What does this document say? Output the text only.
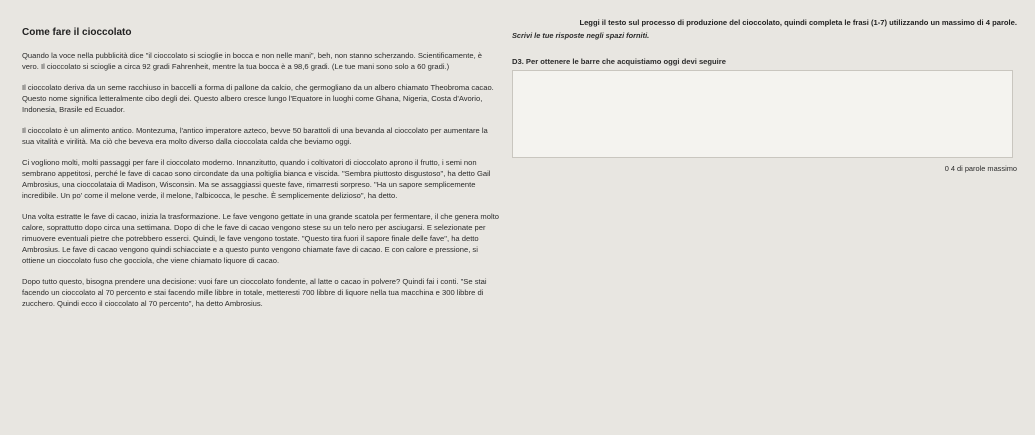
Come fare il cioccolato

Quando la voce nella pubblicità dice "il cioccolato si scioglie in bocca e non nelle mani", beh, non stanno scherzando. Scientificamente, è vero. Il cioccolato si scioglie a circa 92 gradi Fahrenheit, mentre la tua bocca è a 98,6 gradi. (Le tue mani sono solo a 60 gradi.)

Il cioccolato deriva da un seme racchiuso in baccelli a forma di pallone da calcio, che germogliano da un albero chiamato Theobroma cacao. Questo nome significa letteralmente cibo degli dei. Questo albero cresce lungo l'Equatore in luoghi come Ghana, Nigeria, Costa d'Avorio, Indonesia, Brasile ed Ecuador.

Il cioccolato è un alimento antico. Montezuma, l'antico imperatore azteco, bevve 50 barattoli di una bevanda al cioccolato per aumentare la sua vitalità e virilità. Ma ciò che beveva era molto diverso dalla cioccolata calda che beviamo oggi.

Ci vogliono molti, molti passaggi per fare il cioccolato moderno. Innanzitutto, quando i coltivatori di cioccolato aprono il frutto, i semi non sembrano appetitosi, perché le fave di cacao sono circondate da una poltiglia bianca e viscida. "Sembra piuttosto disgustoso", ha detto Gail Ambrosius, una cioccolataia di Madison, Wisconsin. Ma se assaggiassi queste fave, rimarresti sorpreso. "Ha un sapore semplicemente incredibile. Un po' come il melone verde, il melone, l'albicocca, le pesche. È semplicemente delizioso", ha detto.

Una volta estratte le fave di cacao, inizia la trasformazione. Le fave vengono gettate in una grande scatola per fermentare, il che genera molto calore, soprattutto dopo circa una settimana. Dopo di che le fave di cacao vengono stese su un telo nero per asciugarsi. E selezionate per rimuovere eventuali pietre che potrebbero esserci. Quindi, le fave vengono tostate. "Questo tira fuori il sapore finale delle fave", ha detto Ambrosius. Le fave di cacao vengono quindi schiacciate e a questo punto vengono chiamate fave di cacao. E con calore e pressione, si ottiene un cioccolato fuso che gocciola, che viene chiamato liquore di cacao.

Dopo tutto questo, bisogna prendere una decisione: vuoi fare un cioccolato fondente, al latte o cacao in polvere? Quindi fai i conti. "Se stai facendo un cioccolato al 70 percento e stai facendo mille libbre in totale, metteresti 700 libbre di liquore nella tua macchina e 300 libbre di zucchero. Quindi ecco il cioccolato al 70 percento", ha detto Ambrosius.

Leggi il testo sul processo di produzione del cioccolato, quindi completa le frasi (1-7) utilizzando un massimo di 4 parole.
Scrivi le tue risposte negli spazi forniti.
D3. Per ottenere le barre che acquistiamo oggi devi seguire
0 4 di parole massimo
